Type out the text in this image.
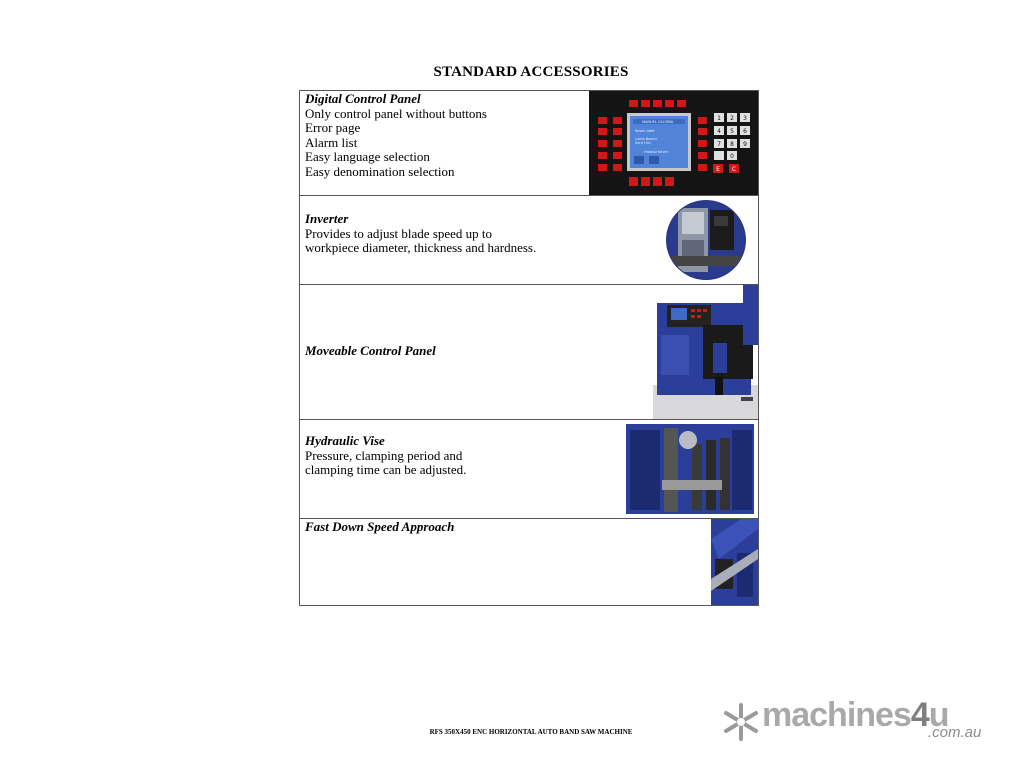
STANDARD ACCESSORIES
Digital Control Panel
Only control panel without buttons
Error page
Alarm list
Easy language selection
Easy denomination selection
MANUEL CALISMA
Kesim Adet
Lama Basinc
Serit Hizi
Hatasiz Kesim
1 2 3
4 5 6
7 8 9
0
E C

Inverter
Provides to adjust blade speed up to
workpiece diameter, thickness and hardness.

Moveable Control Panel

Hydraulic Vise
Pressure, clamping period and
clamping time can be adjusted.

Fast Down Speed Approach
RFS 350X450 ENC HORIZONTAL AUTO BAND SAW MACHINE	machines4u
.com.au
